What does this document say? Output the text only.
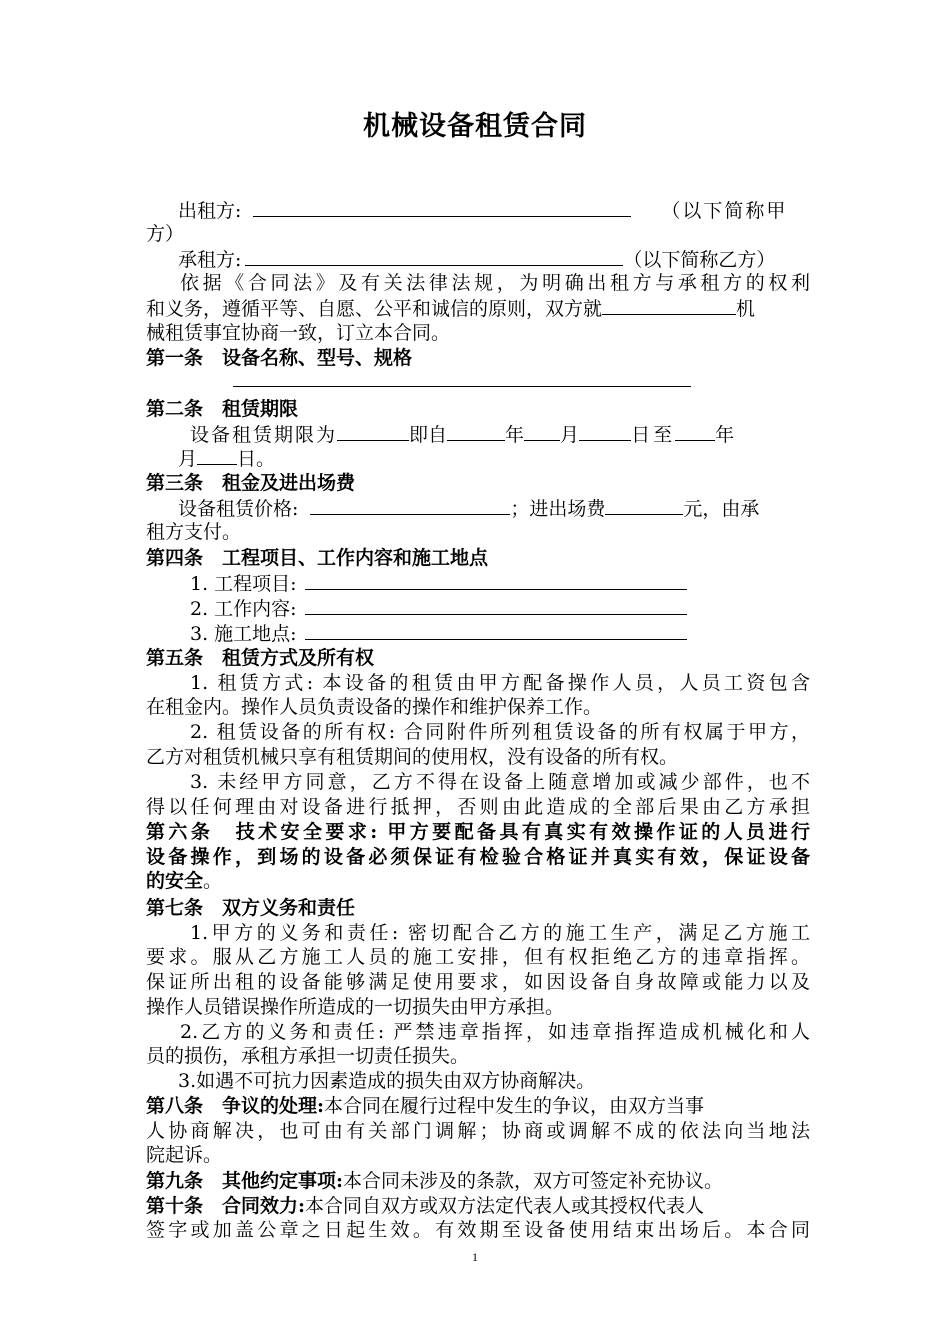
机械设备租赁合同
出租方:	（以下简称甲
方）
承租方:	（以下简称乙方）
依据《合同法》及有关法律法规，为明确出租方与承租方的权利
和义务，遵循平等、自愿、公平和诚信的原则，双方就	机
械租赁事宜协商一致，订立本合同。
第一条　设备名称、型号、规格
第二条　租赁期限
设备租赁期限为	即自	年 月	日至 年
月 日。
第三条　租金及进出场费
设备租赁价格:	；进出场费	元，由承
租方支付。
第四条　工程项目、工作内容和施工地点
1. 工程项目:
2. 工作内容:
3. 施工地点:
第五条　租赁方式及所有权
1. 租赁方式: 本设备的租赁由甲方配备操作人员，人员工资包含
在租金内。操作人员负责设备的操作和维护保养工作。
2. 租赁设备的所有权: 合同附件所列租赁设备的所有权属于甲方，
乙方对租赁机械只享有租赁期间的使用权，没有设备的所有权。
3. 未经甲方同意，乙方不得在设备上随意增加或减少部件，也不
得以任何理由对设备进行抵押，否则由此造成的全部后果由乙方承担
第六条　技术安全要求: 甲方要配备具有真实有效操作证的人员进行
设备操作，到场的设备必须保证有检验合格证并真实有效，保证设备
的安全。
第七条　双方义务和责任
1.甲方的义务和责任: 密切配合乙方的施工生产，满足乙方施工
要求。服从乙方施工人员的施工安排，但有权拒绝乙方的违章指挥。
保证所出租的设备能够满足使用要求，如因设备自身故障或能力以及
操作人员错误操作所造成的一切损失由甲方承担。
2.乙方的义务和责任: 严禁违章指挥，如违章指挥造成机械化和人
员的损伤，承租方承担一切责任损失。
3.如遇不可抗力因素造成的损失由双方协商解决。
第八条　争议的处理:本合同在履行过程中发生的争议，由双方当事
人协商解决，也可由有关部门调解；协商或调解不成的依法向当地法
院起诉。
第九条　其他约定事项:本合同未涉及的条款，双方可签定补充协议。
第十条　合同效力:本合同自双方或双方法定代表人或其授权代表人
签字或加盖公章之日起生效。有效期至设备使用结束出场后。本合同
1
